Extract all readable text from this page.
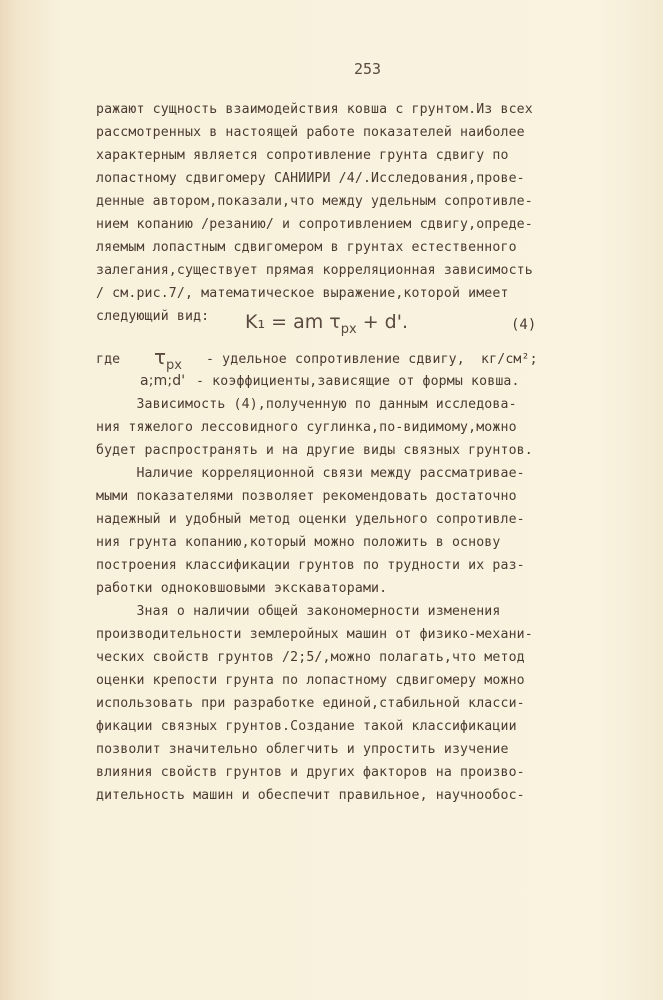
253
ражают сущность взаимодействия ковша с грунтом.Из всех
рассмотренных в настоящей работе показателей наиболее
характерным является сопротивление грунта сдвигу по
лопастному сдвигомеру САНИИРИ /4/.Исследования,прове-
денные автором,показали,что между удельным сопротивле-
нием копанию /резанию/ и сопротивлением сдвигу,опреде-
ляемым лопастным сдвигомером в грунтах естественного
залегания,существует прямая корреляционная зависимость
/ см.рис.7/, математическое выражение,которой имеет
следующий вид: K₁ = am $\tau_{px} + d'$.	(4)
где $\tau_{px}$ - удельное сопротивление сдвигу,  кг/см²;
a;m;d' - коэффициенты,зависящие от формы ковша.
Зависимость (4),полученную по данным исследова-
ния тяжелого лессовидного суглинка,по-видимому,можно
будет распространять и на другие виды связных грунтов.
Наличие корреляционной связи между рассматривае-
мыми показателями позволяет рекомендовать достаточно
надежный и удобный метод оценки удельного сопротивле-
ния грунта копанию,который можно положить в основу
построения классификации грунтов по трудности их раз-
работки одноковшовыми экскаваторами.
Зная о наличии общей закономерности изменения
производительности землеройных машин от физико-механи-
ческих свойств грунтов /2;5/,можно полагать,что метод
оценки крепости грунта по лопастному сдвигомеру можно
использовать при разработке единой,стабильной класси-
фикации связных грунтов.Создание такой классификации
позволит значительно облегчить и упростить изучение
влияния свойств грунтов и других факторов на произво-
дительность машин и обеспечит правильное, научнообос-
